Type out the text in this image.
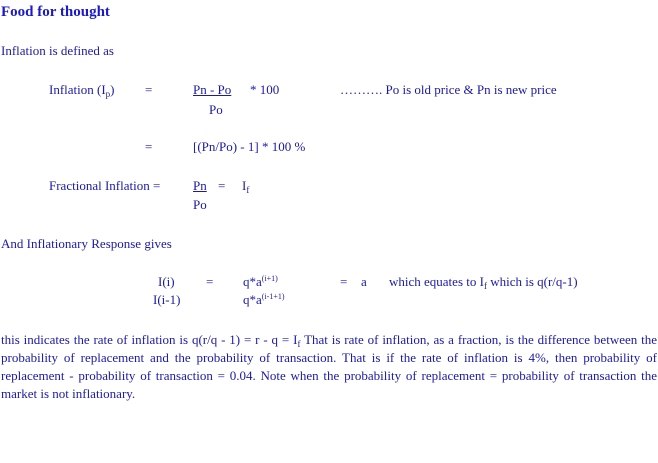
Food for thought
Inflation is defined as
Inflation $(I_p)$ =	Pn - Po * 100
Po
………. Po is old price & Pn is new price
=	[(Pn/Po) - 1] * 100 %
Fractional Inflation =	$Pn = I_f$
Po
And Inflationary Response gives
I(i)
I(i-1)
= $q*a^{(i+1)}$
$q*a^{(i-1+1)}$
= a which equates to $I_f$ which is q(r/q-1)
this indicates the rate of inflation is $q(r/q - 1) = r - q = I_f$ That is rate of inflation, as a fraction, is the difference between the probability of replacement and the probability of transaction. That is if the rate of inflation is 4%, then probability of replacement - probability of transaction = 0.04. Note when the probability of replacement = probability of transaction the market is not inflationary.
